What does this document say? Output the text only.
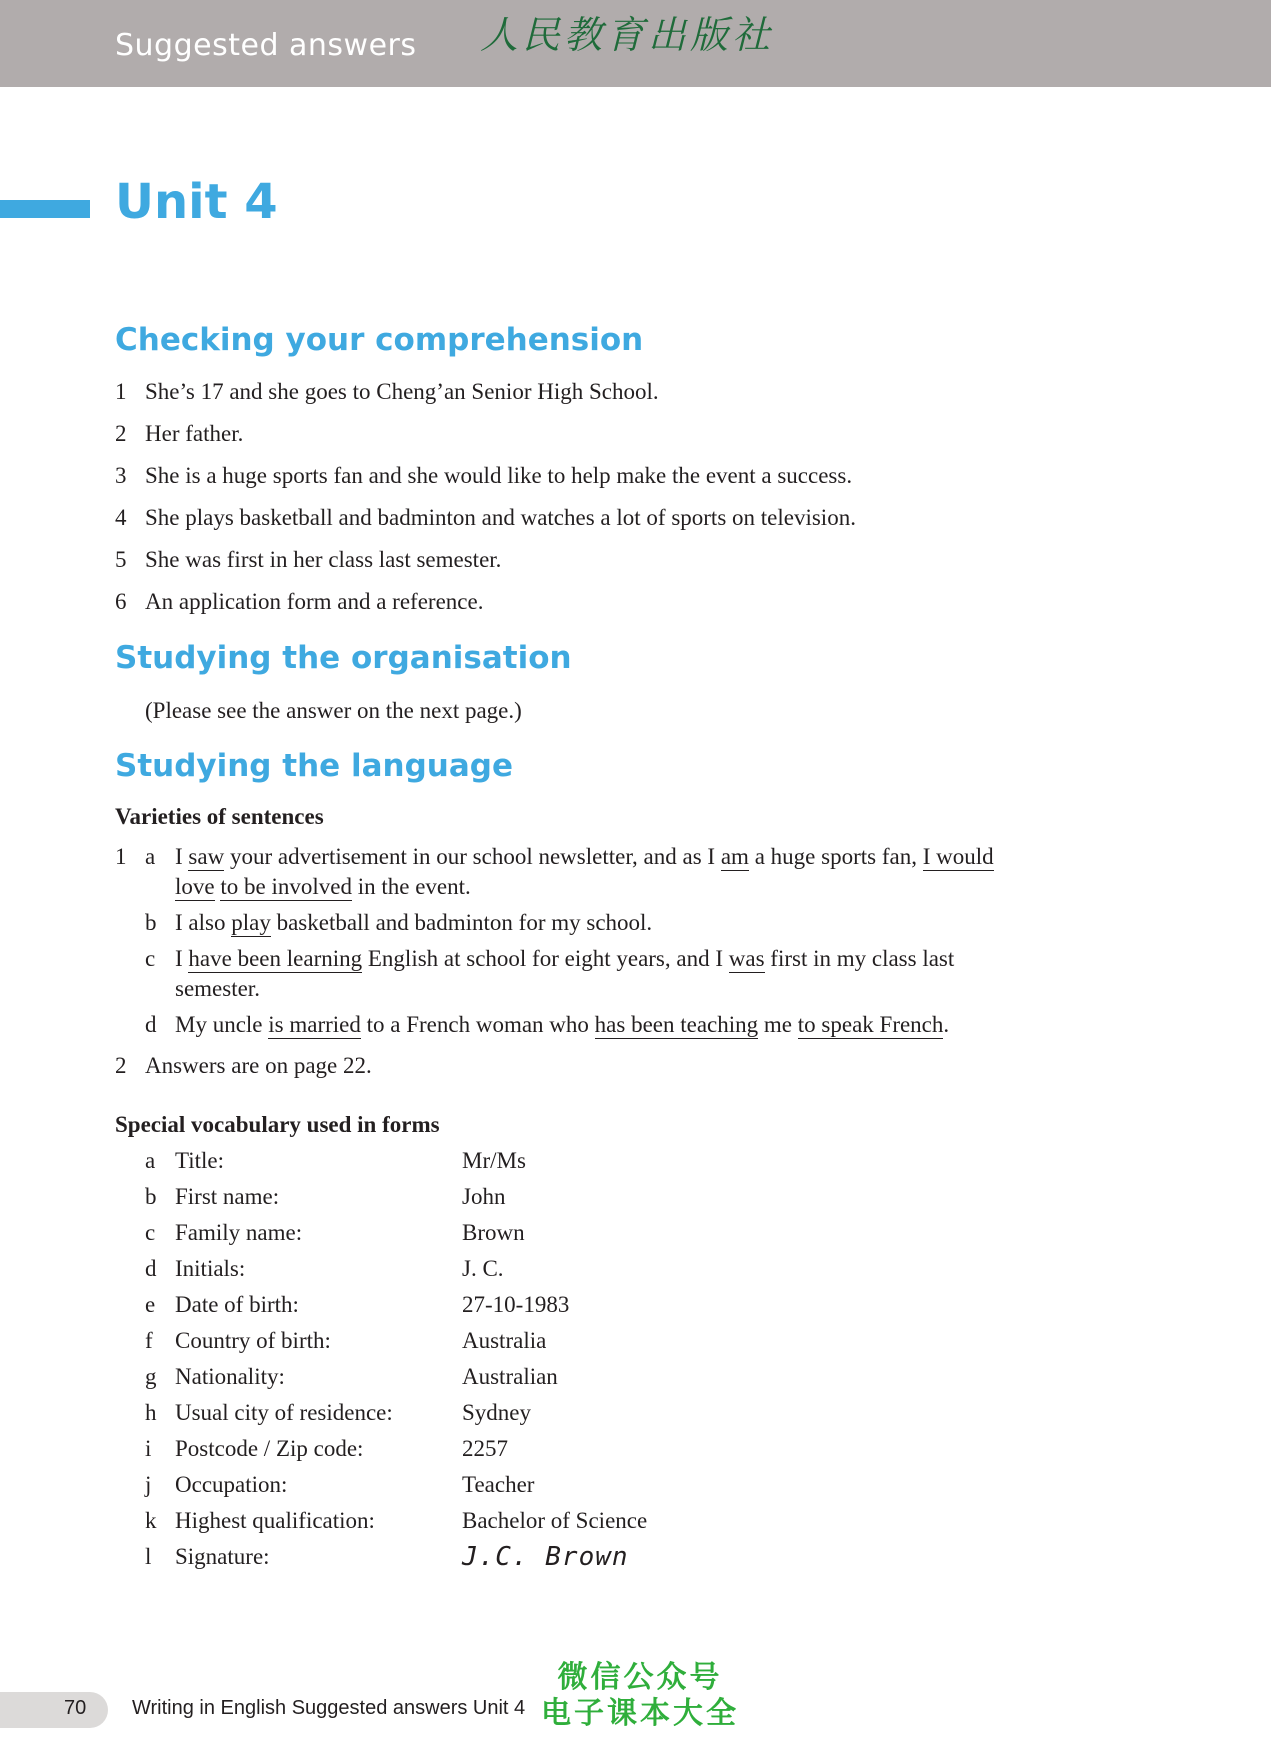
Suggested answers 人民教育出版社
Unit 4
Checking your comprehension
1 She’s 17 and she goes to Cheng’an Senior High School.
2 Her father.
3 She is a huge sports fan and she would like to help make the event a success.
4 She plays basketball and badminton and watches a lot of sports on television.
5 She was first in her class last semester.
6 An application form and a reference.
Studying the organisation
(Please see the answer on the next page.)
Studying the language
Varieties of sentences
1 a I saw your advertisement in our school newsletter, and as I am a huge sports fan, I would
love to be involved in the event.
b I also play basketball and badminton for my school.
c I have been learning English at school for eight years, and I was first in my class last
semester.
d My uncle is married to a French woman who has been teaching me to speak French.
2 Answers are on page 22.
Special vocabulary used in forms
a Title:	Mr/Ms
b First name:	John
c Family name:	Brown
d Initials:	J. C.
e Date of birth:	27-10-1983
f Country of birth:	Australia
g Nationality:	Australian
h Usual city of residence:	Sydney
i Postcode / Zip code:	2257
j Occupation:	Teacher
k Highest qualification:	Bachelor of Science
l Signature:	J.C. Brown
70 Writing in English Suggested answers Unit 4
微信公众号
电子课本大全
